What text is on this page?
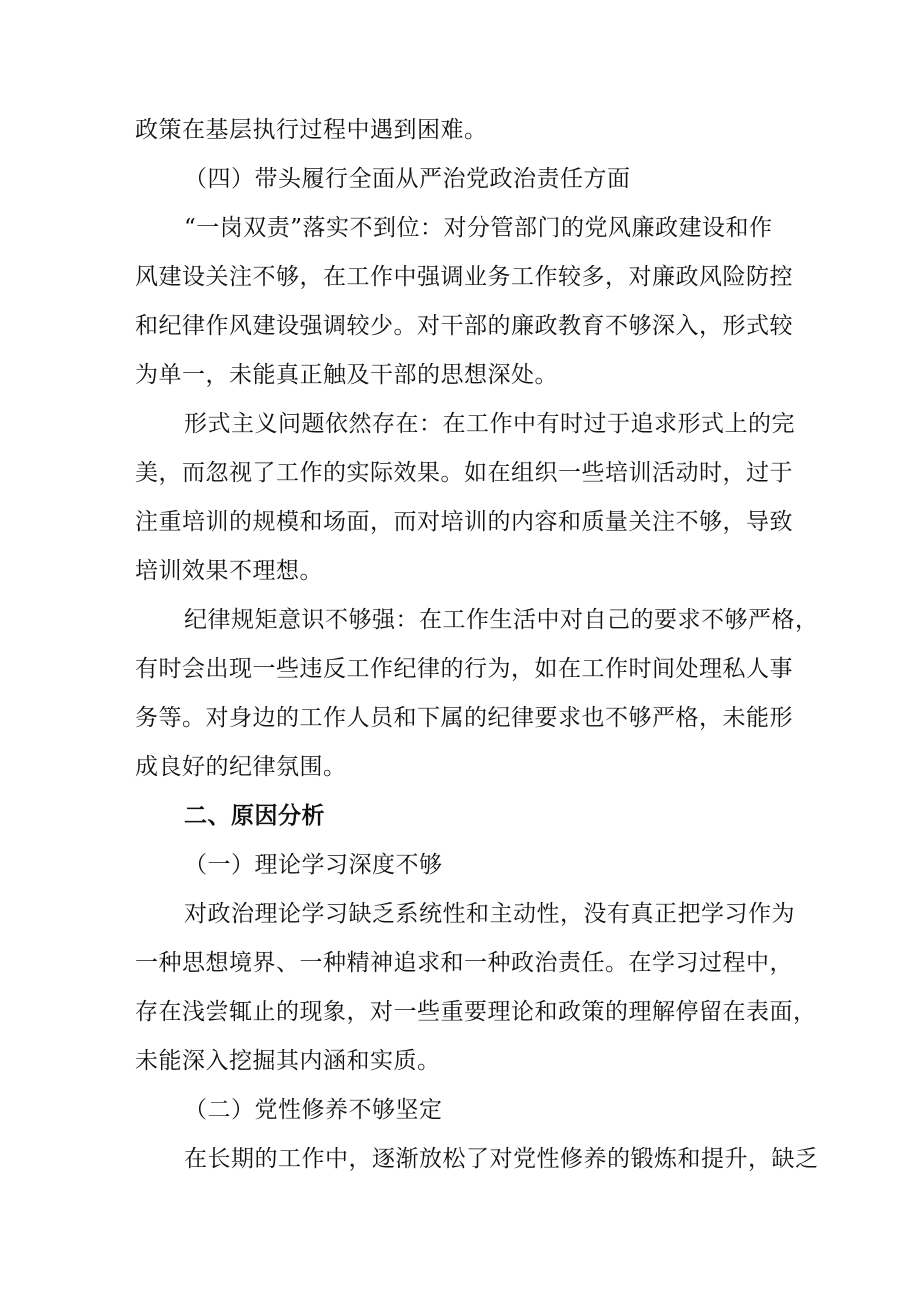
政策在基层执行过程中遇到困难。
（四）带头履行全面从严治党政治责任方面
“一岗双责”落实不到位：对分管部门的党风廉政建设和作
风建设关注不够，在工作中强调业务工作较多，对廉政风险防控
和纪律作风建设强调较少。对干部的廉政教育不够深入，形式较
为单一，未能真正触及干部的思想深处。
形式主义问题依然存在：在工作中有时过于追求形式上的完
美，而忽视了工作的实际效果。如在组织一些培训活动时，过于
注重培训的规模和场面，而对培训的内容和质量关注不够，导致
培训效果不理想。
纪律规矩意识不够强：在工作生活中对自己的要求不够严格，
有时会出现一些违反工作纪律的行为，如在工作时间处理私人事
务等。对身边的工作人员和下属的纪律要求也不够严格，未能形
成良好的纪律氛围。
二、原因分析
（一）理论学习深度不够
对政治理论学习缺乏系统性和主动性，没有真正把学习作为
一种思想境界、一种精神追求和一种政治责任。在学习过程中，
存在浅尝辄止的现象，对一些重要理论和政策的理解停留在表面，
未能深入挖掘其内涵和实质。
（二）党性修养不够坚定
在长期的工作中，逐渐放松了对党性修养的锻炼和提升，缺乏
